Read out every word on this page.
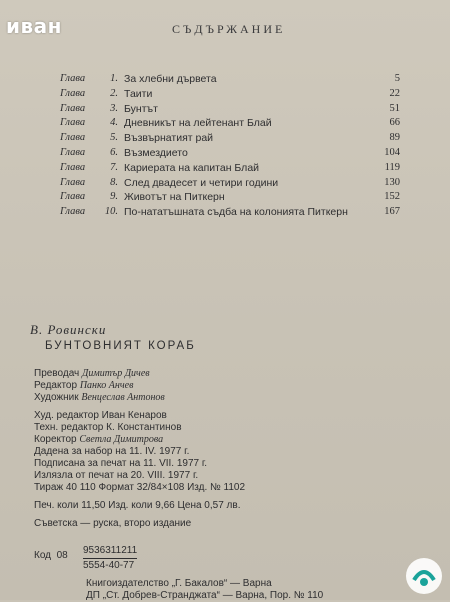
иван	СЪДЪРЖАНИЕ
Глава	1. За хлебни дървета	5
Глава	2. Таити	22
Глава	3. Бунтът	51
Глава	4. Дневникът на лейтенант Блай	66
Глава	5. Възвърнатият рай	89
Глава	6. Възмездието	104
Глава	7. Кариерата на капитан Блай	119
Глава	8. След двадесет и четири години	130
Глава	9. Животът на Питкерн	152
Глава 10. По-нататъшната съдба на колонията Питкерн	167
В. Ровински
БУНТОВНИЯТ КОРАБ
Преводач Димитър Дичев
Редактор Панко Анчев
Художник Венцеслав Антонов
Худ. редактор Иван Кенаров
Техн. редактор К. Константинов
Коректор Светла Димитрова
Дадена за набор на 11. IV. 1977 г.
Подписана за печат на 11. VII. 1977 г.
Излязла от печат на 20. VIII. 1977 г.
Тираж 40 110 Формат 32/84×108 Изд. № 1102
Печ. коли 11,50 Изд. коли 9,66 Цена 0,57 лв.
Съветска — руска, второ издание
Код 08 9536311211
5554-40-77
Книгоиздателство „Г. Бакалов“ — Варна
ДП „Ст. Добрев-Странджата“ — Варна, Пор. № 110
